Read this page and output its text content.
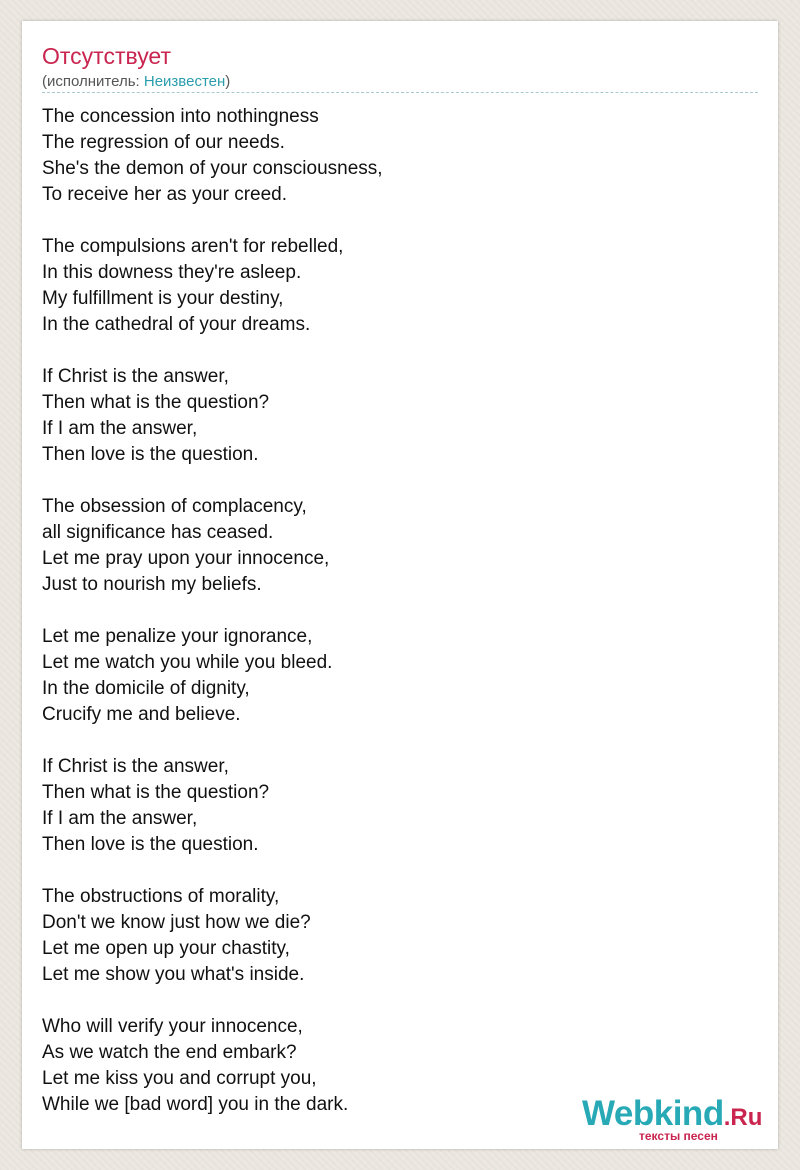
Отсутствует
(исполнитель: Неизвестен)
The concession into nothingness
The regression of our needs.
She's the demon of your consciousness,
To receive her as your creed.
The compulsions aren't for rebelled,
In this downess they're asleep.
My fulfillment is your destiny,
In the cathedral of your dreams.
If Christ is the answer,
Then what is the question?
If I am the answer,
Then love is the question.
The obsession of complacency,
all significance has ceased.
Let me pray upon your innocence,
Just to nourish my beliefs.
Let me penalize your ignorance,
Let me watch you while you bleed.
In the domicile of dignity,
Crucify me and believe.
If Christ is the answer,
Then what is the question?
If I am the answer,
Then love is the question.
The obstructions of morality,
Don't we know just how we die?
Let me open up your chastity,
Let me show you what's inside.
Who will verify your innocence,
As we watch the end embark?
Let me kiss you and corrupt you,
While we [bad word] you in the dark.	Webkind.Ru
тексты песен
